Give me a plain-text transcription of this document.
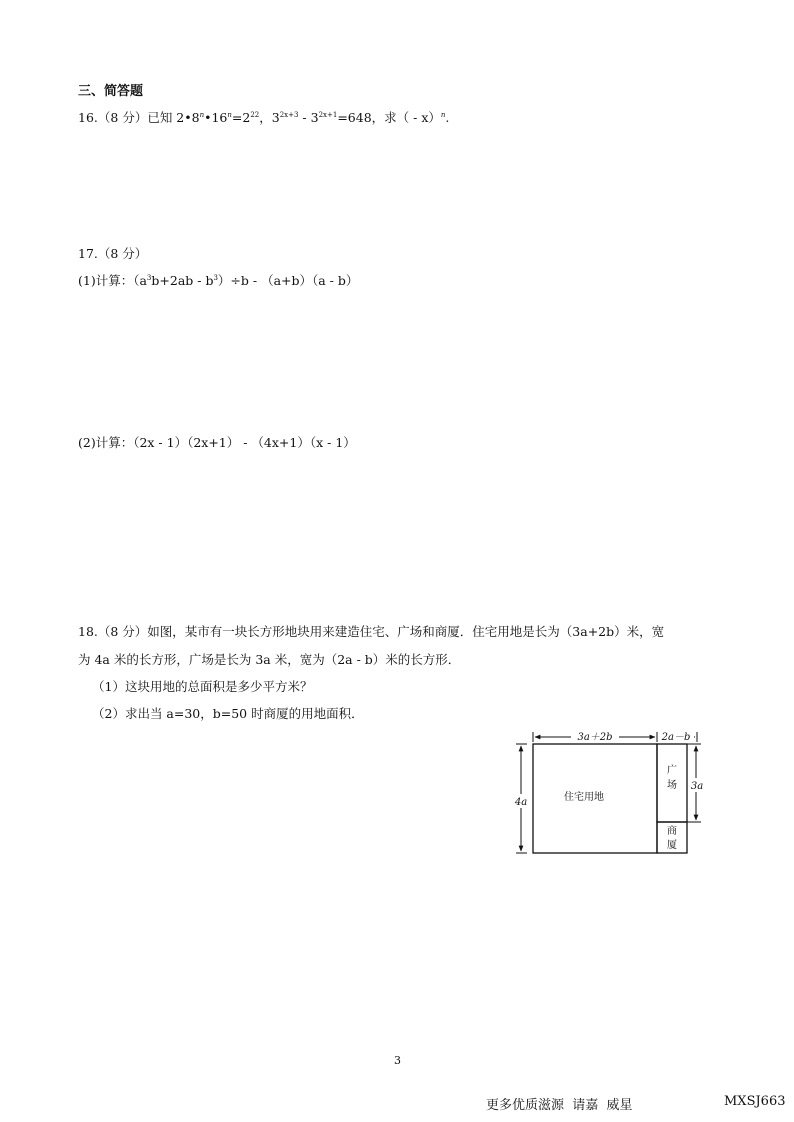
三、简答题
16.（8 分）已知 $2•8^n•16^n=2^{22}$，$3^{2x+3} - 3^{2x+1}=648$，求（ - x）$^n$.
17.（8 分）
(1)计算：$(a^3b+2ab - b^3)\div b - (a+b)(a - b)$
(2)计算：（2x - 1）（2x+1） - （4x+1）（x - 1）
18.（8 分）如图，某市有一块长方形地块用来建造住宅、广场和商厦．住宅用地是长为（3a+2b）米，宽
为 4a 米的长方形，广场是长为 3a 米，宽为（2a - b）米的长方形．
（1）这块用地的总面积是多少平方米？
（2）求出当 a=30，b=50 时商厦的用地面积．
3a＋2b	2a－b
4a
3a
住宅用地
广
场
商
厦
3
更多优质滋源  请嘉  威星	MXSJ663
